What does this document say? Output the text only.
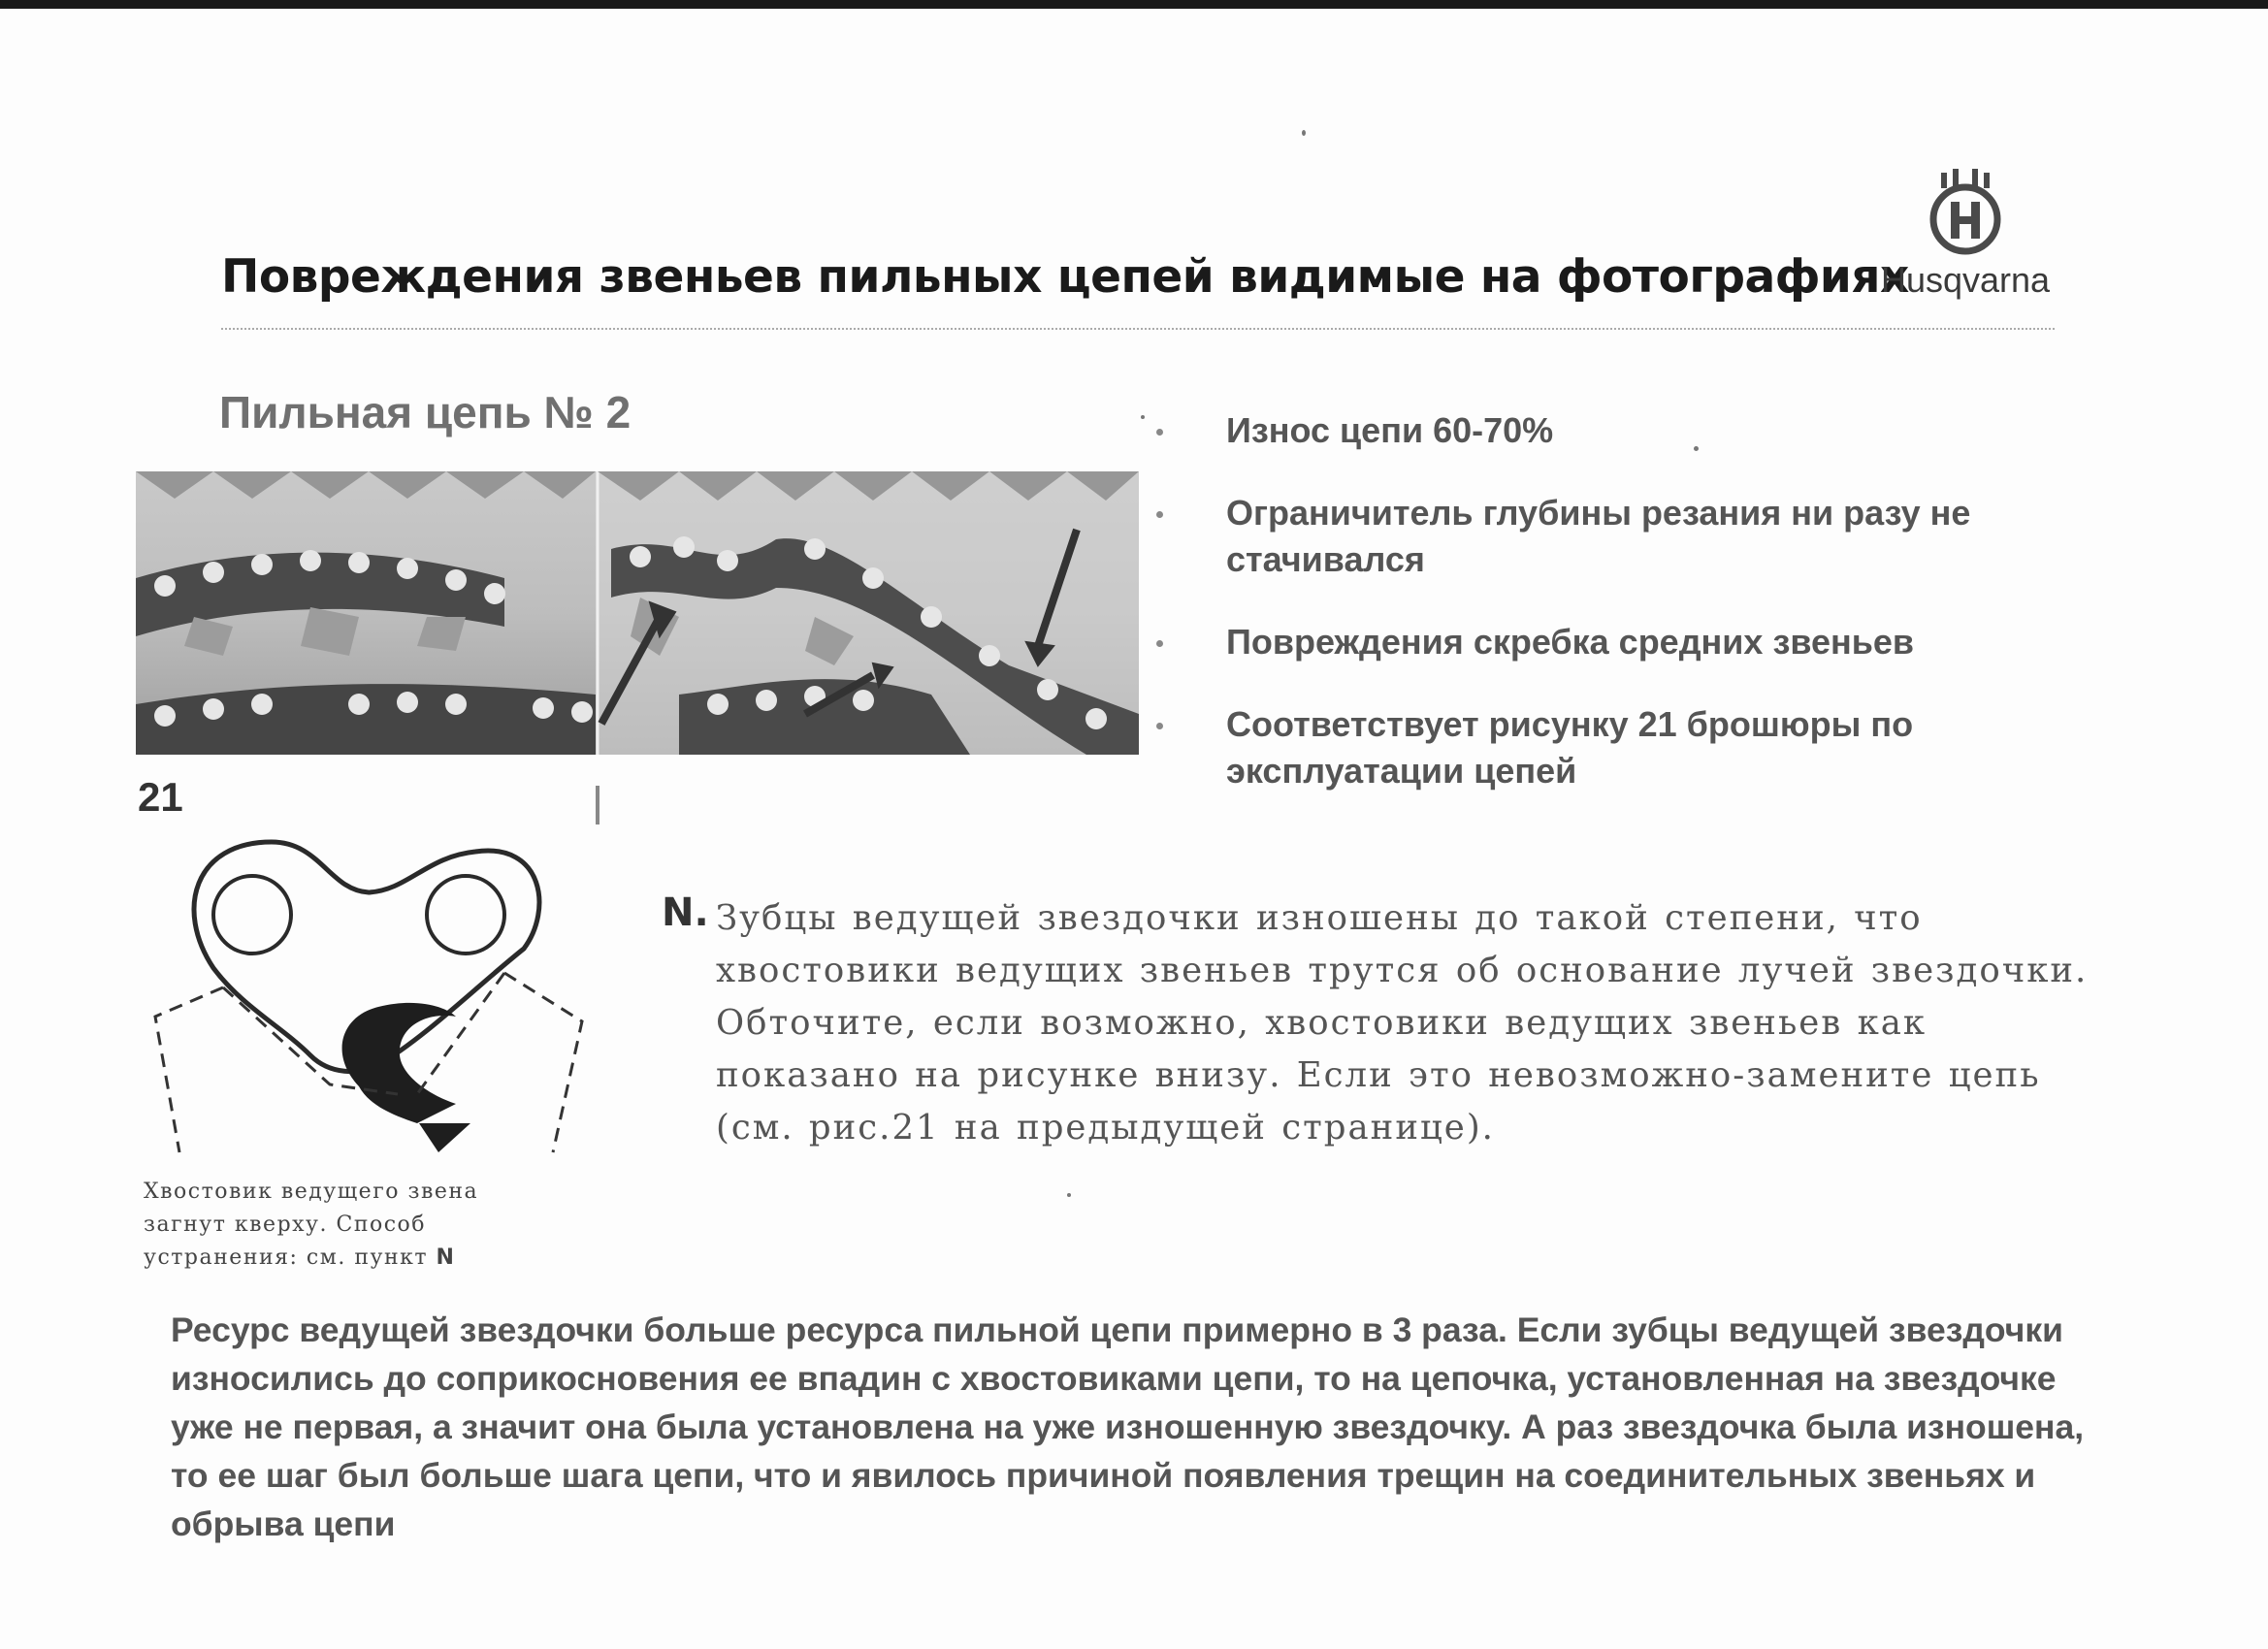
Повреждения звеньев пильных цепей видимые на фотографиях
Husqvarna
Пильная цепь № 2
21
Износ цепи 60-70%
Ограничитель глубины резания ни разу не стачивался
Повреждения скребка средних звеньев
Соответствует рисунку 21 брошюры по эксплуатации цепей
Хвостовик ведущего звена загнут кверху. Способ устранения: см. пункт N
N. Зубцы ведущей звездочки изношены до такой степени, что хвостовики ведущих звеньев трутся об основание лучей звездочки. Обточите, если возможно, хвостовики ведущих звеньев как показано на рисунке внизу. Если это невозможно-замените цепь (см. рис.21 на предыдущей странице).
Ресурс ведущей звездочки больше ресурса пильной цепи примерно в 3 раза. Если зубцы ведущей звездочки износились до соприкосновения ее впадин с хвостовиками цепи, то на цепочка, установленная на звездочке уже не первая, а значит она была установлена на уже изношенную звездочку. А раз звездочка была изношена, то ее шаг был больше шага цепи, что и явилось причиной появления трещин на соединительных звеньях и обрыва цепи
